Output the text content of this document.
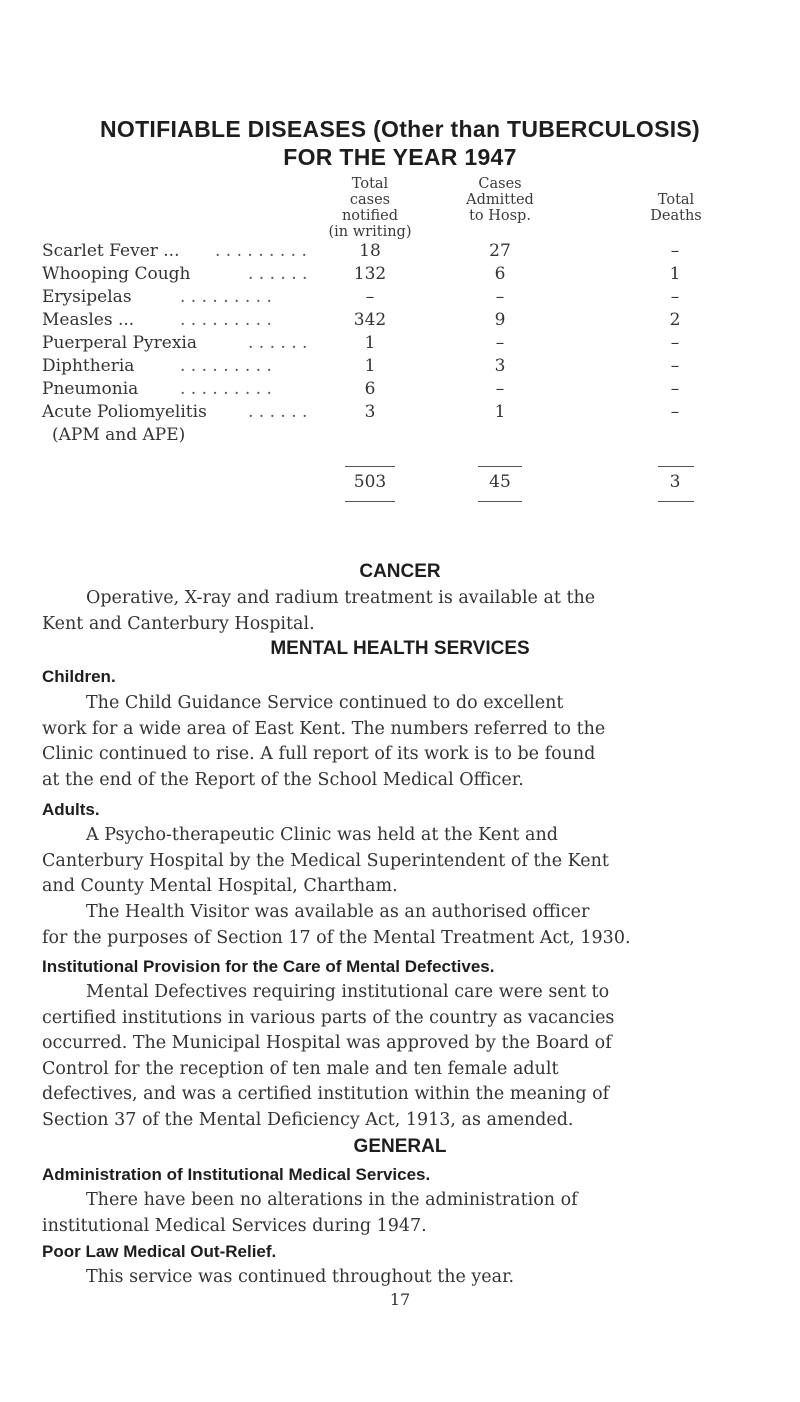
NOTIFIABLE DISEASES (Other than TUBERCULOSIS)
FOR THE YEAR 1947
Total
cases
notified
(in writing)
Cases
Admitted
to Hosp.
Total
Deaths
Scarlet Fever ... . . . . . . . . .	18	27	–
Whooping Cough	. . . . . .	132	6	1
Erysipelas	. . . . . . . . .	–	–	–
Measles ...	. . . . . . . . .	342	9	2
Puerperal Pyrexia	. . . . . .	1	–	–
Diphtheria	. . . . . . . . .	1	3	–
Pneumonia . . . . . . . . .	6	–	–
Acute Poliomyelitis . . . . . .	3	1	–
(APM and APE)
503	45	3
CANCER
Operative, X-ray and radium treatment is available at the
Kent and Canterbury Hospital.
MENTAL HEALTH SERVICES
Children.
The Child Guidance Service continued to do excellent
work for a wide area of East Kent. The numbers referred to the
Clinic continued to rise. A full report of its work is to be found
at the end of the Report of the School Medical Officer.
Adults.
A Psycho-therapeutic Clinic was held at the Kent and
Canterbury Hospital by the Medical Superintendent of the Kent
and County Mental Hospital, Chartham.
The Health Visitor was available as an authorised officer
for the purposes of Section 17 of the Mental Treatment Act, 1930.
Institutional Provision for the Care of Mental Defectives.
Mental Defectives requiring institutional care were sent to
certified institutions in various parts of the country as vacancies
occurred. The Municipal Hospital was approved by the Board of
Control for the reception of ten male and ten female adult
defectives, and was a certified institution within the meaning of
Section 37 of the Mental Deficiency Act, 1913, as amended.
GENERAL
Administration of Institutional Medical Services.
There have been no alterations in the administration of
institutional Medical Services during 1947.
Poor Law Medical Out-Relief.
This service was continued throughout the year.
17
